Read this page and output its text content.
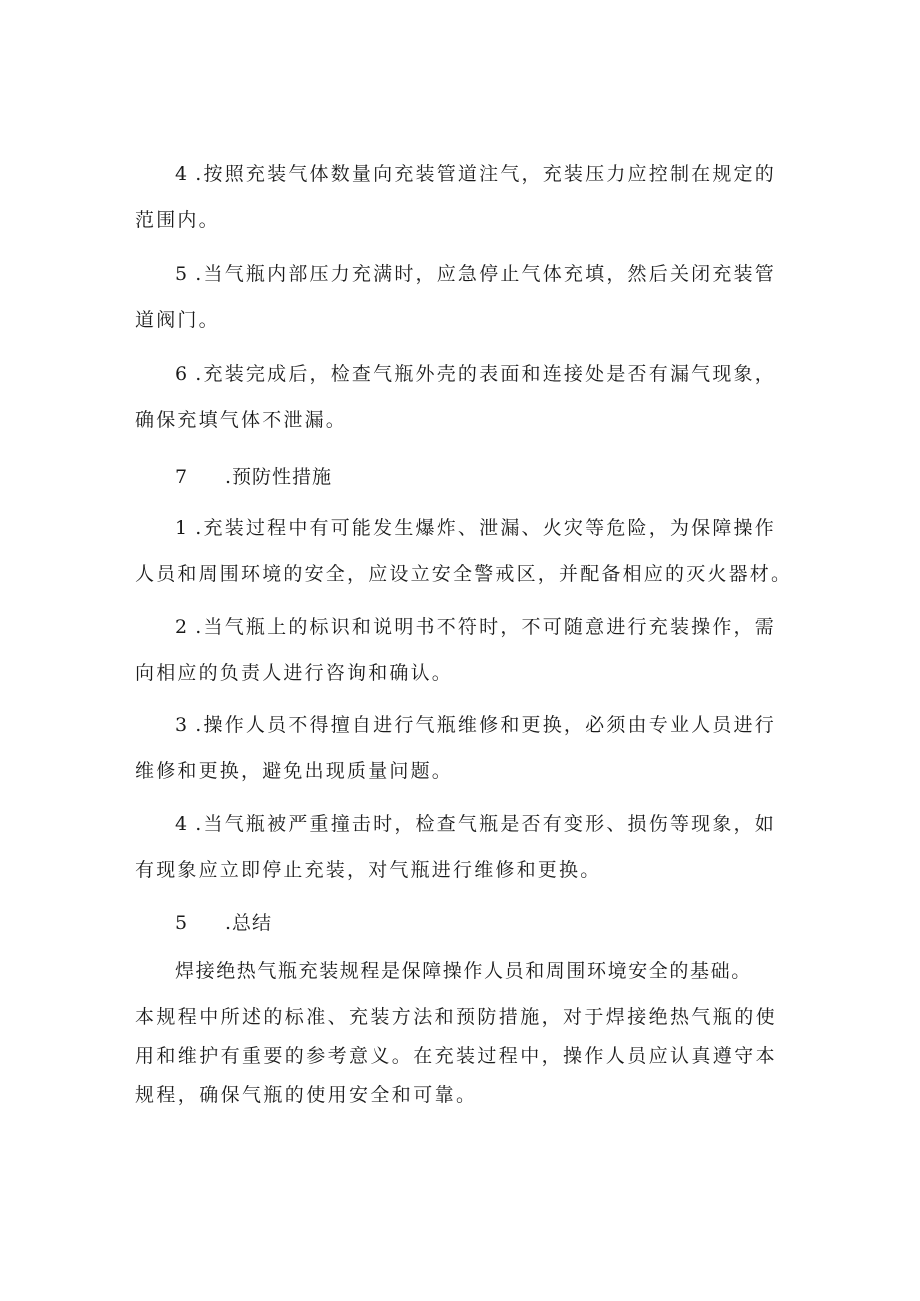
4 .按照充装气体数量向充装管道注气，充装压力应控制在规定的范围内。

5 .当气瓶内部压力充满时，应急停止气体充填，然后关闭充装管道阀门。

6 .充装完成后，检查气瓶外壳的表面和连接处是否有漏气现象，确保充填气体不泄漏。

7 .预防性措施

1 .充装过程中有可能发生爆炸、泄漏、火灾等危险，为保障操作人员和周围环境的安全，应设立安全警戒区，并配备相应的灭火器材。

2 .当气瓶上的标识和说明书不符时，不可随意进行充装操作，需向相应的负责人进行咨询和确认。

3 .操作人员不得擅自进行气瓶维修和更换，必须由专业人员进行维修和更换，避免出现质量问题。

4 .当气瓶被严重撞击时，检查气瓶是否有变形、损伤等现象，如有现象应立即停止充装，对气瓶进行维修和更换。

5 .总结
焊接绝热气瓶充装规程是保障操作人员和周围环境安全的基础。

本规程中所述的标准、充装方法和预防措施，对于焊接绝热气瓶的使用和维护有重要的参考意义。在充装过程中，操作人员应认真遵守本规程，确保气瓶的使用安全和可靠。
